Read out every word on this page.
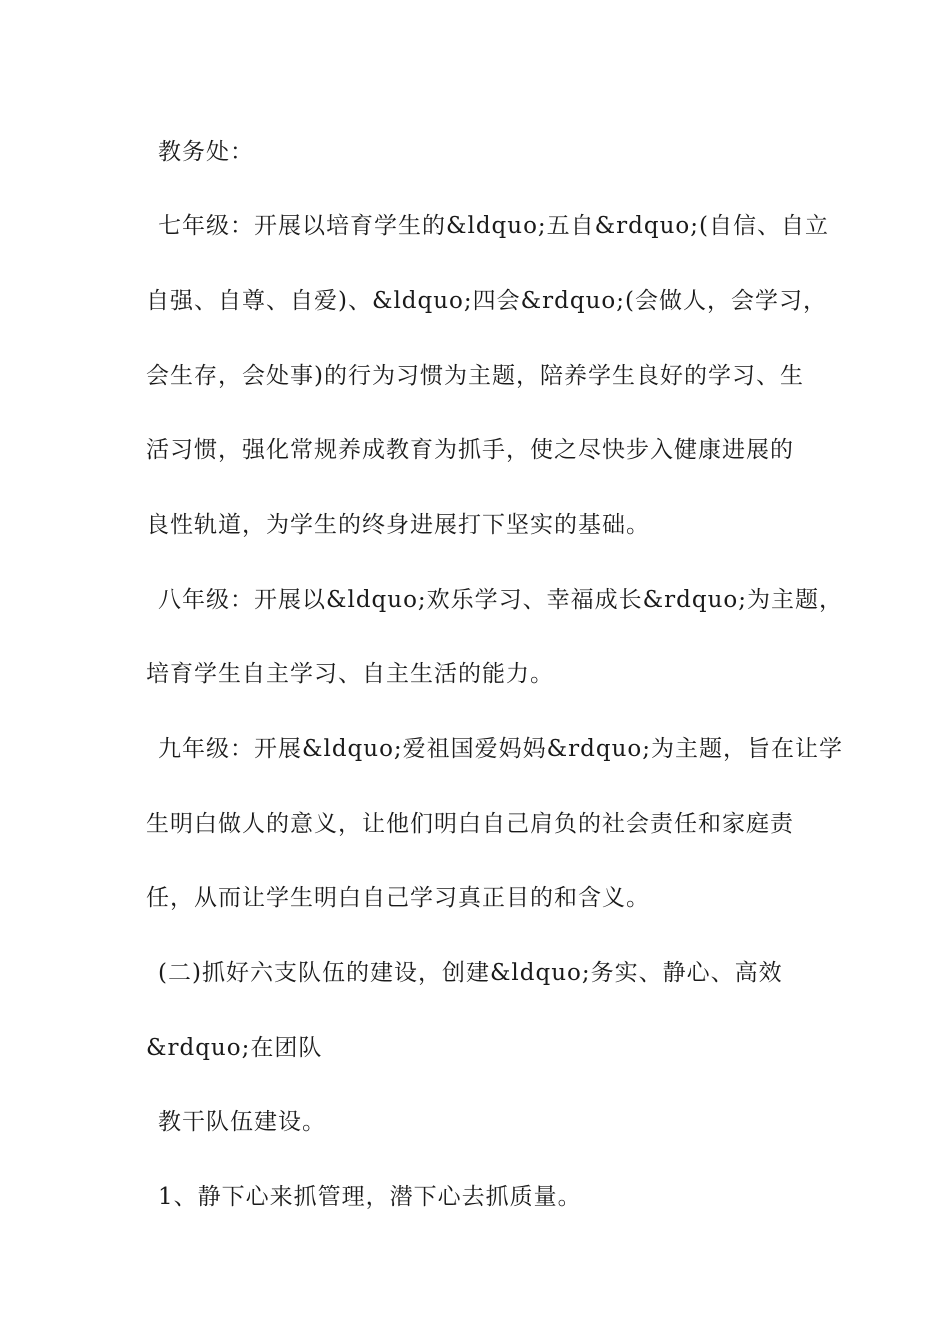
教务处：
七年级：开展以培育学生的&ldquo;五自&rdquo;(自信、自立
自强、自尊、自爱)、&ldquo;四会&rdquo;(会做人，会学习，
会生存，会处事)的行为习惯为主题，陪养学生良好的学习、生
活习惯，强化常规养成教育为抓手，使之尽快步入健康进展的
良性轨道，为学生的终身进展打下坚实的基础。
八年级：开展以&ldquo;欢乐学习、幸福成长&rdquo;为主题，
培育学生自主学习、自主生活的能力。
九年级：开展&ldquo;爱祖国爱妈妈&rdquo;为主题，旨在让学
生明白做人的意义，让他们明白自己肩负的社会责任和家庭责
任，从而让学生明白自己学习真正目的和含义。
(二)抓好六支队伍的建设，创建&ldquo;务实、静心、高效
&rdquo;在团队
教干队伍建设。
1、静下心来抓管理，潜下心去抓质量。
